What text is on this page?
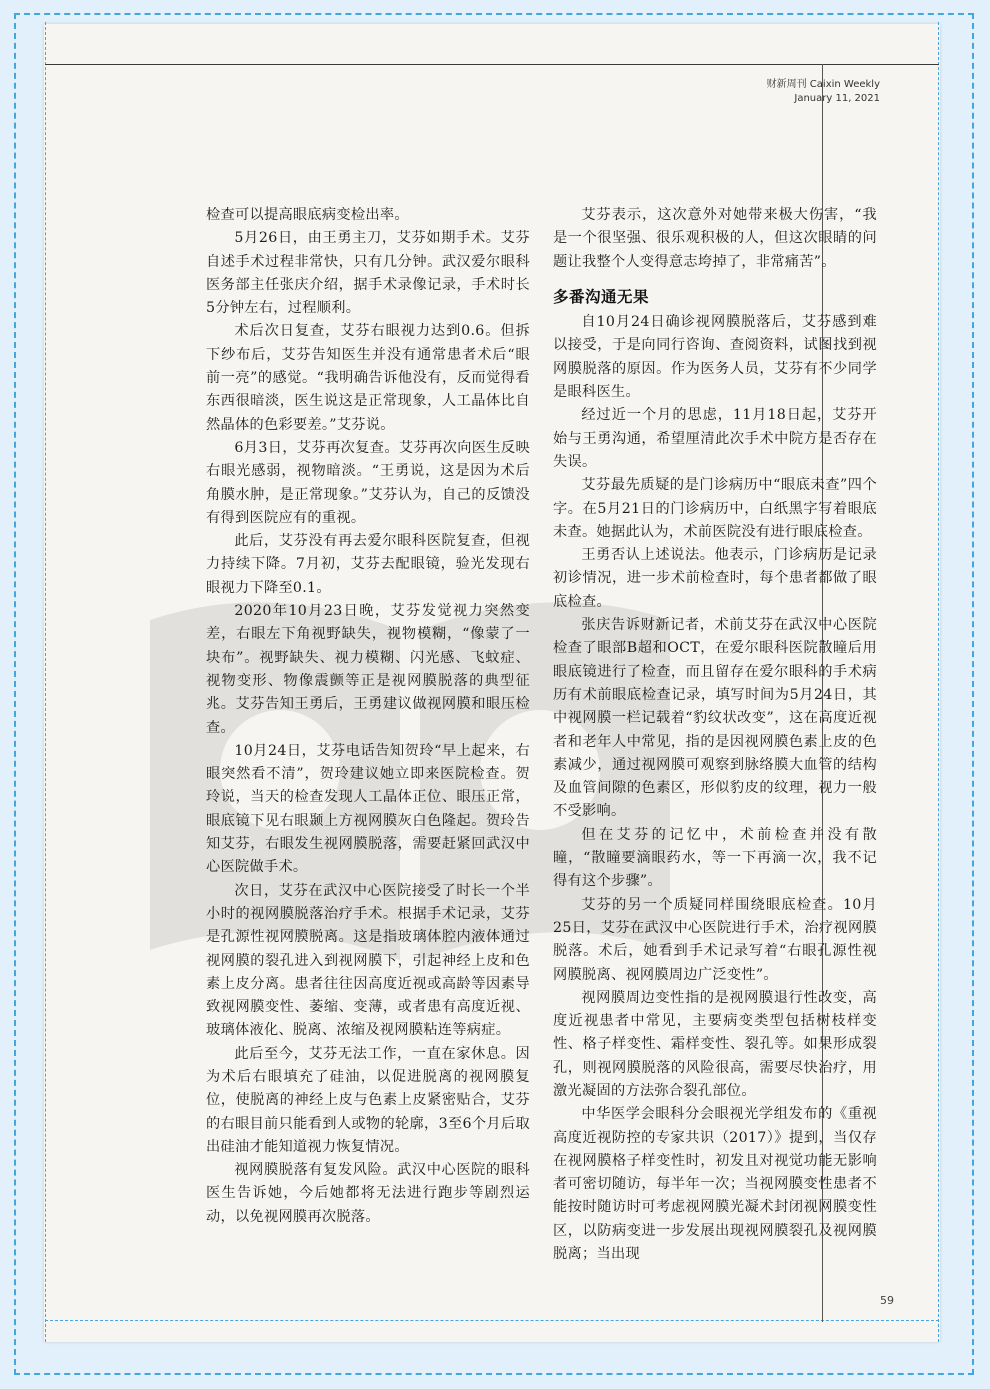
财新周刊 Caixin Weekly
January 11, 2021

检查可以提高眼底病变检出率。

5月26日，由王勇主刀，艾芬如期手术。艾芬自述手术过程非常快，只有几分钟。武汉爱尔眼科医务部主任张庆介绍，据手术录像记录，手术时长5分钟左右，过程顺利。

术后次日复查，艾芬右眼视力达到0.6。但拆下纱布后，艾芬告知医生并没有通常患者术后“眼前一亮”的感觉。“我明确告诉他没有，反而觉得看东西很暗淡，医生说这是正常现象，人工晶体比自然晶体的色彩要差。”艾芬说。

6月3日，艾芬再次复查。艾芬再次向医生反映右眼光感弱，视物暗淡。“王勇说，这是因为术后角膜水肿，是正常现象。”艾芬认为，自己的反馈没有得到医院应有的重视。

此后，艾芬没有再去爱尔眼科医院复查，但视力持续下降。7月初，艾芬去配眼镜，验光发现右眼视力下降至0.1。

2020年10月23日晚，艾芬发觉视力突然变差，右眼左下角视野缺失，视物模糊，“像蒙了一块布”。视野缺失、视力模糊、闪光感、飞蚊症、视物变形、物像震颤等正是视网膜脱落的典型征兆。艾芬告知王勇后，王勇建议做视网膜和眼压检查。

10月24日，艾芬电话告知贺玲“早上起来，右眼突然看不清”，贺玲建议她立即来医院检查。贺玲说，当天的检查发现人工晶体正位、眼压正常，眼底镜下见右眼颞上方视网膜灰白色隆起。贺玲告知艾芬，右眼发生视网膜脱落，需要赶紧回武汉中心医院做手术。

次日，艾芬在武汉中心医院接受了时长一个半小时的视网膜脱落治疗手术。根据手术记录，艾芬是孔源性视网膜脱离。这是指玻璃体腔内液体通过视网膜的裂孔进入到视网膜下，引起神经上皮和色素上皮分离。患者往往因高度近视或高龄等因素导致视网膜变性、萎缩、变薄，或者患有高度近视、玻璃体液化、脱离、浓缩及视网膜粘连等病症。

此后至今，艾芬无法工作，一直在家休息。因为术后右眼填充了硅油，以促进脱离的视网膜复位，使脱离的神经上皮与色素上皮紧密贴合，艾芬的右眼目前只能看到人或物的轮廓，3至6个月后取出硅油才能知道视力恢复情况。

视网膜脱落有复发风险。武汉中心医院的眼科医生告诉她，今后她都将无法进行跑步等剧烈运动，以免视网膜再次脱落。

艾芬表示，这次意外对她带来极大伤害，“我是一个很坚强、很乐观积极的人，但这次眼睛的问题让我整个人变得意志垮掉了，非常痛苦”。

多番沟通无果

自10月24日确诊视网膜脱落后，艾芬感到难以接受，于是向同行咨询、查阅资料，试图找到视网膜脱落的原因。作为医务人员，艾芬有不少同学是眼科医生。

经过近一个月的思虑，11月18日起，艾芬开始与王勇沟通，希望厘清此次手术中院方是否存在失误。

艾芬最先质疑的是门诊病历中“眼底未查”四个字。在5月21日的门诊病历中，白纸黑字写着眼底未查。她据此认为，术前医院没有进行眼底检查。

王勇否认上述说法。他表示，门诊病历是记录初诊情况，进一步术前检查时，每个患者都做了眼底检查。

张庆告诉财新记者，术前艾芬在武汉中心医院检查了眼部B超和OCT，在爱尔眼科医院散瞳后用眼底镜进行了检查，而且留存在爱尔眼科的手术病历有术前眼底检查记录，填写时间为5月24日，其中视网膜一栏记载着“豹纹状改变”，这在高度近视者和老年人中常见，指的是因视网膜色素上皮的色素减少，通过视网膜可观察到脉络膜大血管的结构及血管间隙的色素区，形似豹皮的纹理，视力一般不受影响。

但在艾芬的记忆中，术前检查并没有散瞳，“散瞳要滴眼药水，等一下再滴一次，我不记得有这个步骤”。

艾芬的另一个质疑同样围绕眼底检查。10月25日，艾芬在武汉中心医院进行手术，治疗视网膜脱落。术后，她看到手术记录写着“右眼孔源性视网膜脱离、视网膜周边广泛变性”。

视网膜周边变性指的是视网膜退行性改变，高度近视患者中常见，主要病变类型包括树枝样变性、格子样变性、霜样变性、裂孔等。如果形成裂孔，则视网膜脱落的风险很高，需要尽快治疗，用激光凝固的方法弥合裂孔部位。

中华医学会眼科分会眼视光学组发布的《重视高度近视防控的专家共识（2017）》提到，当仅存在视网膜格子样变性时，初发且对视觉功能无影响者可密切随访，每半年一次；当视网膜变性患者不能按时随访时可考虑视网膜光凝术封闭视网膜变性区，以防病变进一步发展出现视网膜裂孔及视网膜脱离；当出现

59
